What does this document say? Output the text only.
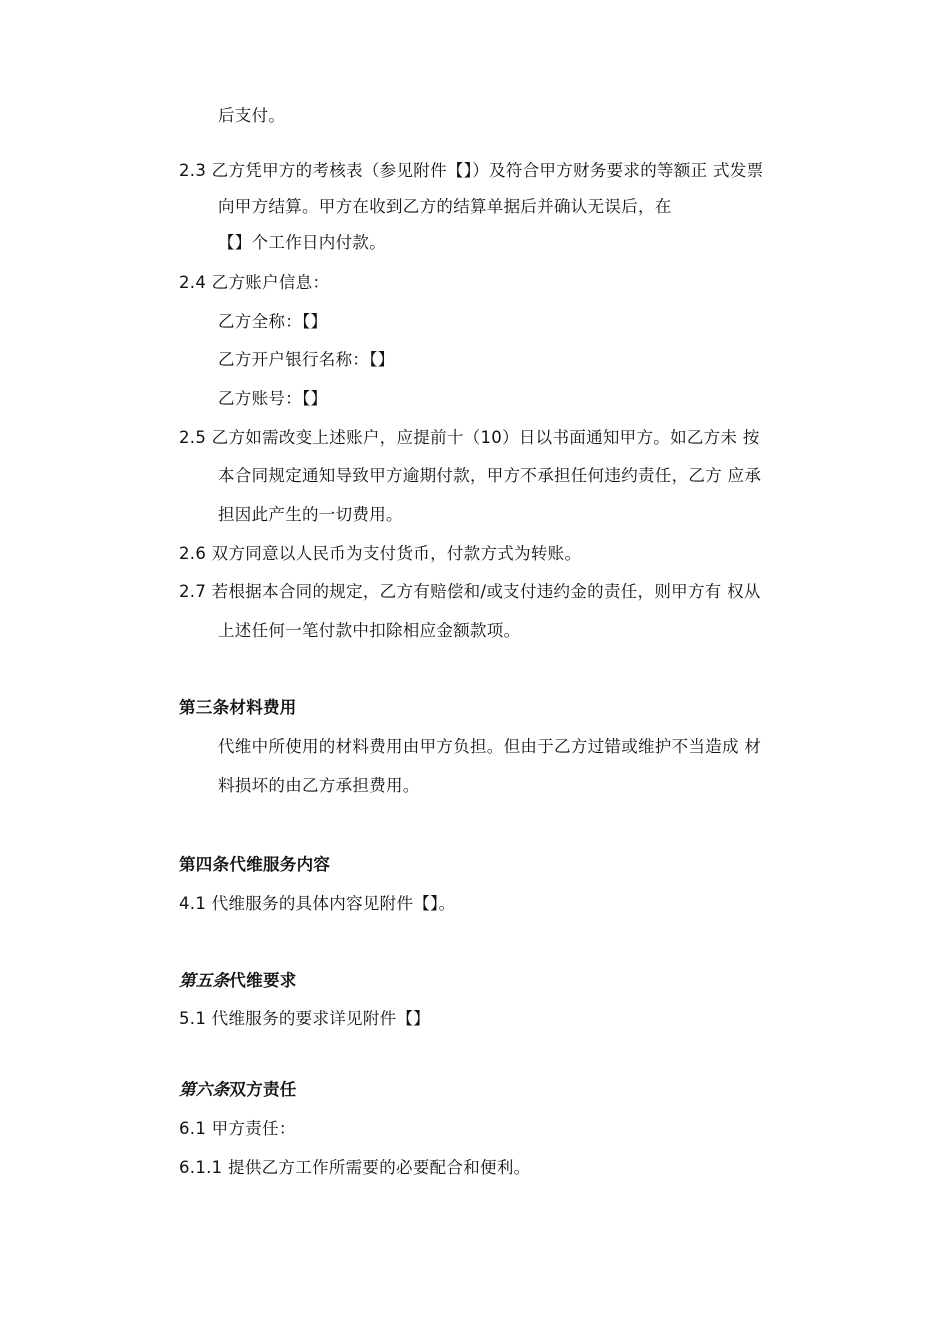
后支付。
2.3 乙方凭甲方的考核表（参见附件【】）及符合甲方财务要求的等额正 式发票
向甲方结算。甲方在收到乙方的结算单据后并确认无误后，在
【】个工作日内付款。
2.4 乙方账户信息：
乙方全称：【】
乙方开户银行名称：【】
乙方账号：【】
2.5 乙方如需改变上述账户，应提前十（10）日以书面通知甲方。如乙方未 按
本合同规定通知导致甲方逾期付款，甲方不承担任何违约责任，乙方 应承
担因此产生的一切费用。
2.6 双方同意以人民币为支付货币，付款方式为转账。
2.7 若根据本合同的规定，乙方有赔偿和/或支付违约金的责任，则甲方有 权从
上述任何一笔付款中扣除相应金额款项。
第三条材料费用
代维中所使用的材料费用由甲方负担。但由于乙方过错或维护不当造成 材
料损坏的由乙方承担费用。
第四条代维服务内容
4.1 代维服务的具体内容见附件【】。
第五条代维要求
5.1 代维服务的要求详见附件【】
第六条双方责任
6.1 甲方责任：
6.1.1 提供乙方工作所需要的必要配合和便利。
